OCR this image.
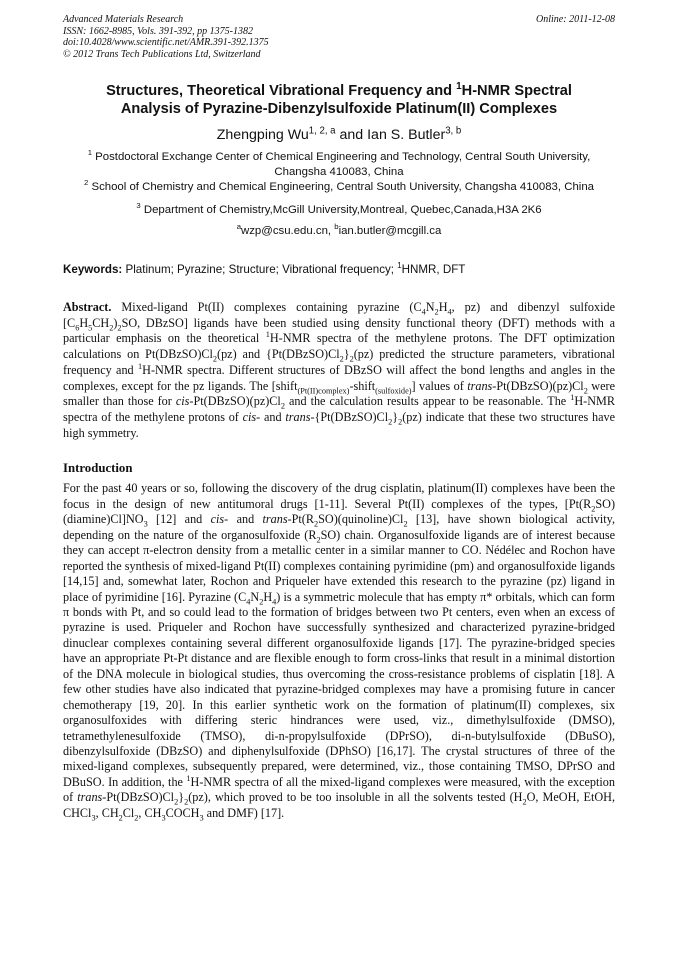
Advanced Materials Research	Online: 2011-12-08
ISSN: 1662-8985, Vols. 391-392, pp 1375-1382
doi:10.4028/www.scientific.net/AMR.391-392.1375
© 2012 Trans Tech Publications Ltd, Switzerland
Structures, Theoretical Vibrational Frequency and $^1$H-NMR Spectral
Analysis of Pyrazine-Dibenzylsulfoxide Platinum(II) Complexes
Zhengping Wu$^{1, 2, a}$ and Ian S. Butler$^{3, b}$
$^1$ Postdoctoral Exchange Center of Chemical Engineering and Technology, Central South University, Changsha 410083, China
$^2$ School of Chemistry and Chemical Engineering, Central South University, Changsha 410083, China
$^3$ Department of Chemistry,McGill University,Montreal, Quebec,Canada,H3A 2K6
$^a$wzp@csu.edu.cn, $^b$ian.butler@mcgill.ca
Keywords: Platinum; Pyrazine; Structure; Vibrational frequency; $^1$HNMR, DFT
Abstract. Mixed-ligand Pt(II) complexes containing pyrazine ($C_4N_2H_4$, pz) and dibenzyl sulfoxide $[C_6H_5CH_2)_2SO$, DBzSO] ligands have been studied using density functional theory (DFT) methods with a particular emphasis on the theoretical $^1$H-NMR spectra of the methylene protons. The DFT optimization calculations on $Pt(DBzSO)Cl_2(pz)$ and $\{Pt(DBzSO)Cl_2\}_2(pz)$ predicted the structure parameters, vibrational frequency and $^1$H-NMR spectra. Different structures of DBzSO will affect the bond lengths and angles in the complexes, except for the pz ligands. The [shift$_{(Pt(II)complex)}$-shift$_{(sulfoxide)}$] values of trans-$Pt(DBzSO)(pz)Cl_2$ were smaller than those for cis-$Pt(DBzSO)(pz)Cl_2$ and the calculation results appear to be reasonable. The $^1$H-NMR spectra of the methylene protons of cis- and trans-$\{Pt(DBzSO)Cl_2\}_2(pz)$ indicate that these two structures have high symmetry.
Introduction
For the past 40 years or so, following the discovery of the drug cisplatin, platinum(II) complexes have been the focus in the design of new antitumoral drugs [1-11]. Several Pt(II) complexes of the types, $[Pt(R_2SO)(diamine)Cl]NO_3$ [12] and cis- and trans-$Pt(R_2SO)(quinoline)Cl_2$ [13], have shown biological activity, depending on the nature of the organosulfoxide $(R_2SO)$ chain. Organosulfoxide ligands are of interest because they can accept π-electron density from a metallic center in a similar manner to CO. Nédélec and Rochon have reported the synthesis of mixed-ligand Pt(II) complexes containing pyrimidine (pm) and organosulfoxide ligands [14,15] and, somewhat later, Rochon and Priqueler have extended this research to the pyrazine (pz) ligand in place of pyrimidine [16]. Pyrazine $(C_4N_2H_4)$ is a symmetric molecule that has empty π* orbitals, which can form π bonds with Pt, and so could lead to the formation of bridges between two Pt centers, even when an excess of pyrazine is used. Priqueler and Rochon have successfully synthesized and characterized pyrazine-bridged dinuclear complexes containing several different organosulfoxide ligands [17]. The pyrazine-bridged species have an appropriate Pt-Pt distance and are flexible enough to form cross-links that result in a minimal distortion of the DNA molecule in biological studies, thus overcoming the cross-resistance problems of cisplatin [18]. A few other studies have also indicated that pyrazine-bridged complexes may have a promising future in cancer chemotherapy [19, 20]. In this earlier synthetic work on the formation of platinum(II) complexes, six organosulfoxides with differing steric hindrances were used, viz., dimethylsulfoxide (DMSO), tetramethylenesulfoxide (TMSO), di-n-propylsulfoxide (DPrSO), di-n-butylsulfoxide (DBuSO), dibenzylsulfoxide (DBzSO) and diphenylsulfoxide (DPhSO) [16,17]. The crystal structures of three of the mixed-ligand complexes, subsequently prepared, were determined, viz., those containing TMSO, DPrSO and DBuSO. In addition, the $^1$H-NMR spectra of all the mixed-ligand complexes were measured, with the exception of trans-$Pt(DBzSO)Cl_2\}_2(pz)$, which proved to be too insoluble in all the solvents tested ($H_2O$, MeOH, EtOH, CHCl$_3$, $CH_2Cl_2$, $CH_3COCH_3$ and DMF) [17].
